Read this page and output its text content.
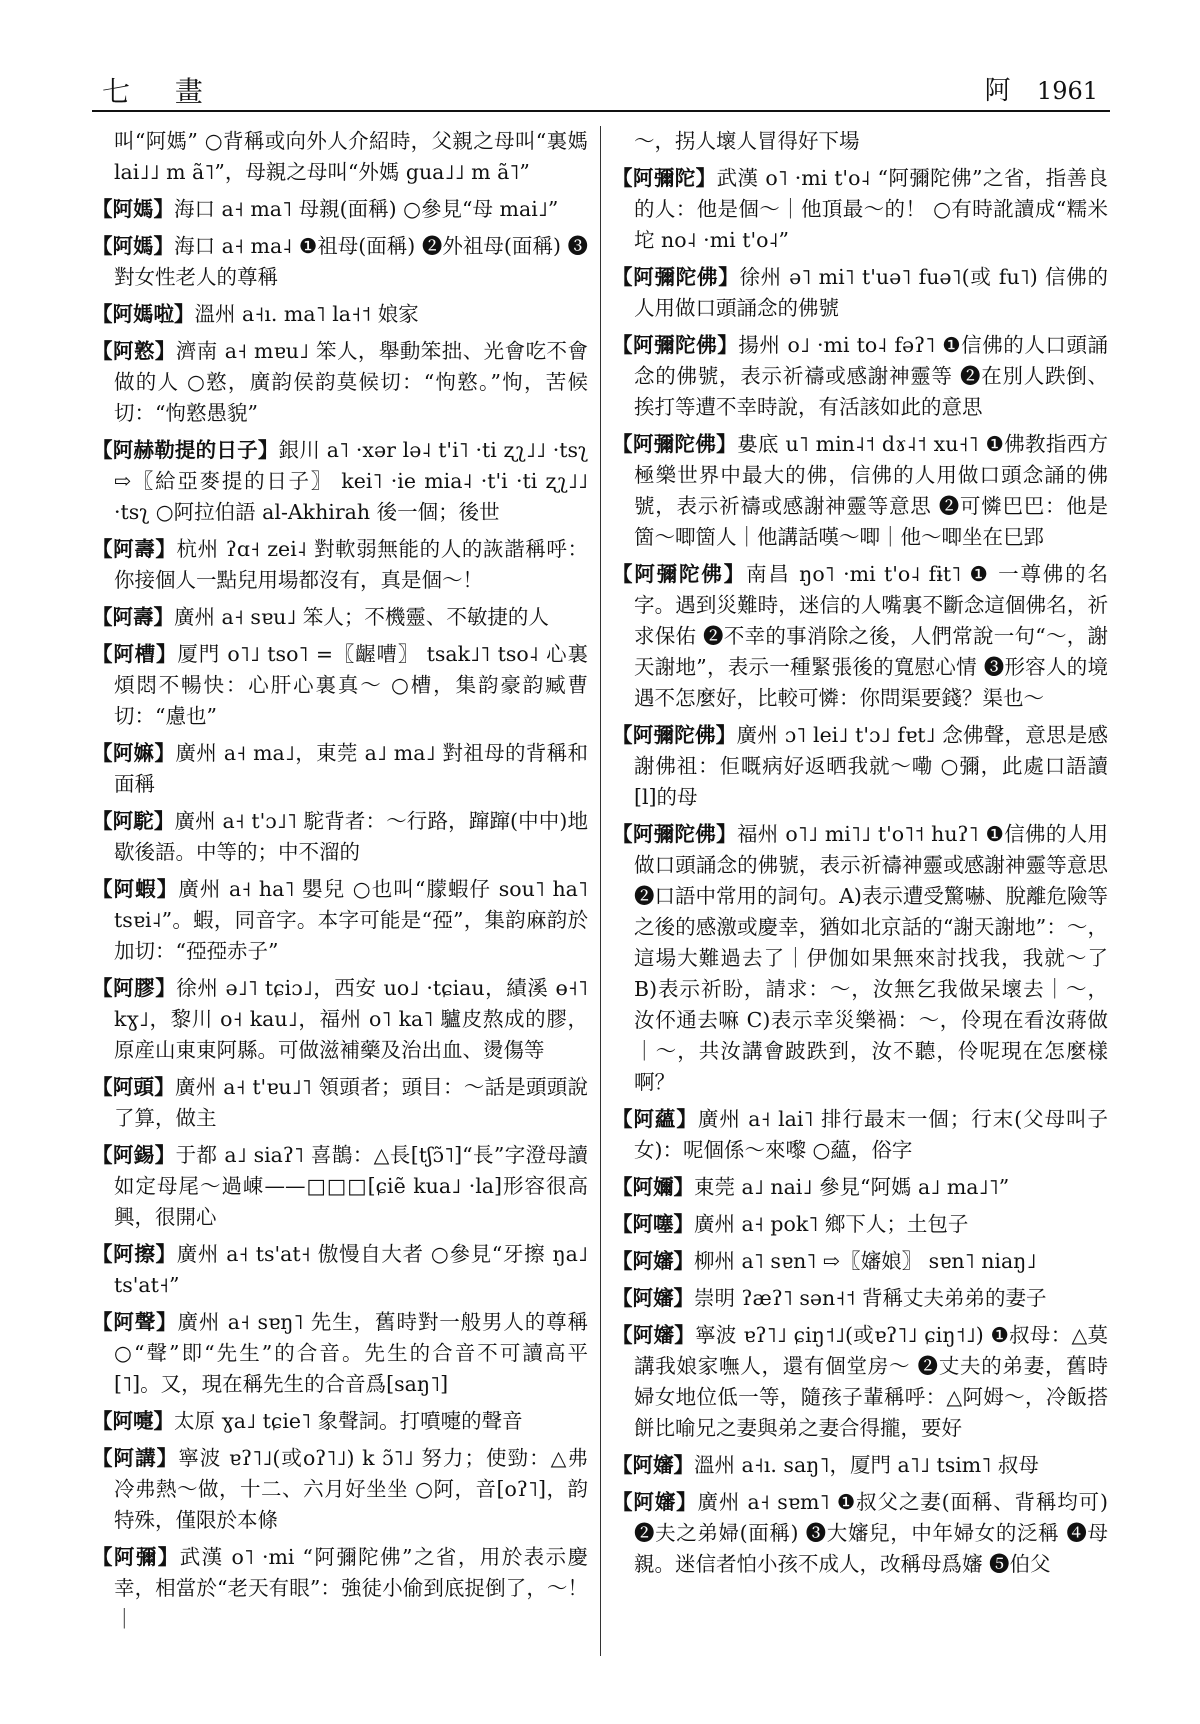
七 畫	阿 1961

叫“阿媽” ○背稱或向外人介紹時，父親之母叫“裏媽 lai˩˩ m ã˥”，母親之母叫“外媽 gua˩˩ m ã˥”

【阿媽】海口 a˧ ma˥ 母親(面稱) ○參見“母 mai˩”

【阿媽】海口 a˧ ma˨ ❶祖母(面稱) ❷外祖母(面稱) ❸對女性老人的尊稱

【阿媽啦】溫州 a˧ı. ma˥ la˧˦ 娘家

【阿憝】濟南 a˧ mɐu˩ 笨人，舉動笨拙、光會吃不會做的人 ○憝，廣韵侯韵莫候切：“怐憝。”怐，苦候切：“怐憝愚貌”

【阿赫勒提的日子】銀川 a˥ ·xər lə˨ t'i˥ ·ti ʐʅ˩˩ ·tsʅ ⇨〖給亞麥提的日子〗 kei˥ ·ie mia˨ ·t'i ·ti ʐʅ˩˩ ·tsʅ ○阿拉伯語 al-Akhirah 後一個；後世

【阿壽】杭州 ʔɑ˧ zei˨ 對軟弱無能的人的詼諧稱呼：你接個人一點兒用場都沒有，真是個～！

【阿壽】廣州 a˧ sɐu˩ 笨人；不機靈、不敏捷的人

【阿槽】厦門 o˥˩ tso˥ =〖齷嘈〗 tsak˩˥ tso˨ 心裏煩悶不暢快：心肝心裏真～ ○槽，集韵豪韵臧曹切：“慮也”

【阿嫲】廣州 a˧ ma˩，東莞 a˩ ma˩ 對祖母的背稱和面稱

【阿駝】廣州 a˧ t'ɔ˩˥ 駝背者：～行路，蹿蹿(中中)地 歇後語。中等的；中不溜的

【阿蝦】廣州 a˧ ha˥ 嬰兒 ○也叫“朦蝦仔 sou˥ ha˥ tsɐi˨”。蝦，同音字。本字可能是“孲”，集韵麻韵於加切：“孲孲赤子”

【阿膠】徐州 ə˩˥ tɕiɔ˩，西安 uo˩ ·tɕiau，績溪 ɵ˧˥ kɣ˩，黎川 o˧ kau˩，福州 o˥ ka˥ 驢皮熬成的膠，原産山東東阿縣。可做滋補藥及治出血、燙傷等

【阿頭】廣州 a˧ t'ɐu˩˥ 領頭者；頭目：～話是頭頭說了算，做主

【阿錫】于都 a˩ siaʔ˥ 喜鵲：△長[tʃɔ̃˥]“長”字澄母讀如定母尾～過崠——□□□[ɕiẽ kua˩ ·la]形容很高興，很開心

【阿擦】廣州 a˧ ts'at˧ 傲慢自大者 ○參見“牙擦 ŋa˩ ts'at˧”

【阿聲】廣州 a˧ sɐŋ˥ 先生，舊時對一般男人的尊稱 ○“聲”即“先生”的合音。先生的合音不可讀高平[˥]。又，現在稱先生的合音爲[saŋ˥]

【阿嚏】太原 ɣa˩ tɕie˥ 象聲詞。打噴嚏的聲音

【阿講】寧波 ɐʔ˥˩(或oʔ˥˩) k ɔ̃˥˩ 努力；使勁：△弗冷弗熱～做，十二、六月好坐坐 ○阿，音[oʔ˥]，韵特殊，僅限於本條

【阿彌】武漢 o˥ ·mi “阿彌陀佛”之省，用於表示慶幸，相當於“老天有眼”：強徒小偷到底捉倒了，～！｜

～，拐人壞人冒得好下場

【阿彌陀】武漢 o˥ ·mi t'o˨ “阿彌陀佛”之省，指善良的人：他是個～｜他頂最～的！ ○有時訛讀成“糯米坨 no˨ ·mi t'o˨”

【阿彌陀佛】徐州 ə˥ mi˥ t'uə˥ fuə˥(或 fu˥) 信佛的人用做口頭誦念的佛號

【阿彌陀佛】揚州 o˩ ·mi to˨ fəʔ˥ ❶信佛的人口頭誦念的佛號，表示祈禱或感謝神靈等 ❷在別人跌倒、挨打等遭不幸時說，有活該如此的意思

【阿彌陀佛】婁底 u˥ min˨˦ dɤ˨˦ xu˧˥ ❶佛教指西方極樂世界中最大的佛，信佛的人用做口頭念誦的佛號，表示祈禱或感謝神靈等意思 ❷可憐巴巴：他是箇～唧箇人｜他講話嘆～唧｜他～唧坐在巳郢

【阿彌陀佛】南昌 ŋo˥ ·mi t'o˨ fɨt˥ ❶ 一尊佛的名字。遇到災難時，迷信的人嘴裏不斷念這個佛名，祈求保佑 ❷不幸的事消除之後，人們常說一句“～，謝天謝地”，表示一種緊張後的寬慰心情 ❸形容人的境遇不怎麼好，比較可憐：你問渠要錢？渠也～

【阿彌陀佛】廣州 ɔ˥ lei˩ t'ɔ˩ fɐt˩ 念佛聲，意思是感謝佛祖：佢嘅病好返晒我就～嘞 ○彌，此處口語讀[l]的母

【阿彌陀佛】福州 o˥˩ mi˥˩ t'o˥˦ huʔ˥ ❶信佛的人用做口頭誦念的佛號，表示祈禱神靈或感謝神靈等意思 ❷口語中常用的詞句。A)表示遭受驚嚇、脫離危險等之後的感激或慶幸，猶如北京話的“謝天謝地”：～，這場大難過去了｜伊伽如果無來討找我，我就～了 B)表示祈盼，請求：～，汝無乞我做呆壞去｜～，汝伓通去嘛 C)表示幸災樂禍：～，伶現在看汝蔣做｜～，共汝講會跛跌到，汝不聽，伶呢現在怎麼樣啊？

【阿蘊】廣州 a˧ lai˥ 排行最末一個；行末(父母叫子女)：呢個係～來嚟 ○蘊，俗字

【阿嬭】東莞 a˩ nai˩ 參見“阿媽 a˩ ma˩˥”

【阿噻】廣州 a˧ pok˥ 鄉下人；土包子

【阿嬸】柳州 a˥ sɐn˥ ⇨〖嬸娘〗 sɐn˥ niaŋ˩

【阿嬸】崇明 ʔæʔ˥ sən˧˦ 背稱丈夫弟弟的妻子

【阿嬸】寧波 ɐʔ˥˩ ɕiŋ˦˩(或ɐʔ˥˩ ɕiŋ˦˩) ❶叔母：△莫講我娘家嘸人，還有個堂房～ ❷丈夫的弟妻，舊時婦女地位低一等，隨孩子輩稱呼：△阿姆～，冷飯搭餅比喻兄之妻與弟之妻合得攏，要好

【阿嬸】溫州 a˧ı. saŋ˥，厦門 a˥˩ tsim˥ 叔母

【阿嬸】廣州 a˧ sɐm˥ ❶叔父之妻(面稱、背稱均可) ❷夫之弟婦(面稱) ❸大嬸兒，中年婦女的泛稱 ❹母親。迷信者怕小孩不成人，改稱母爲嬸 ❺伯父
